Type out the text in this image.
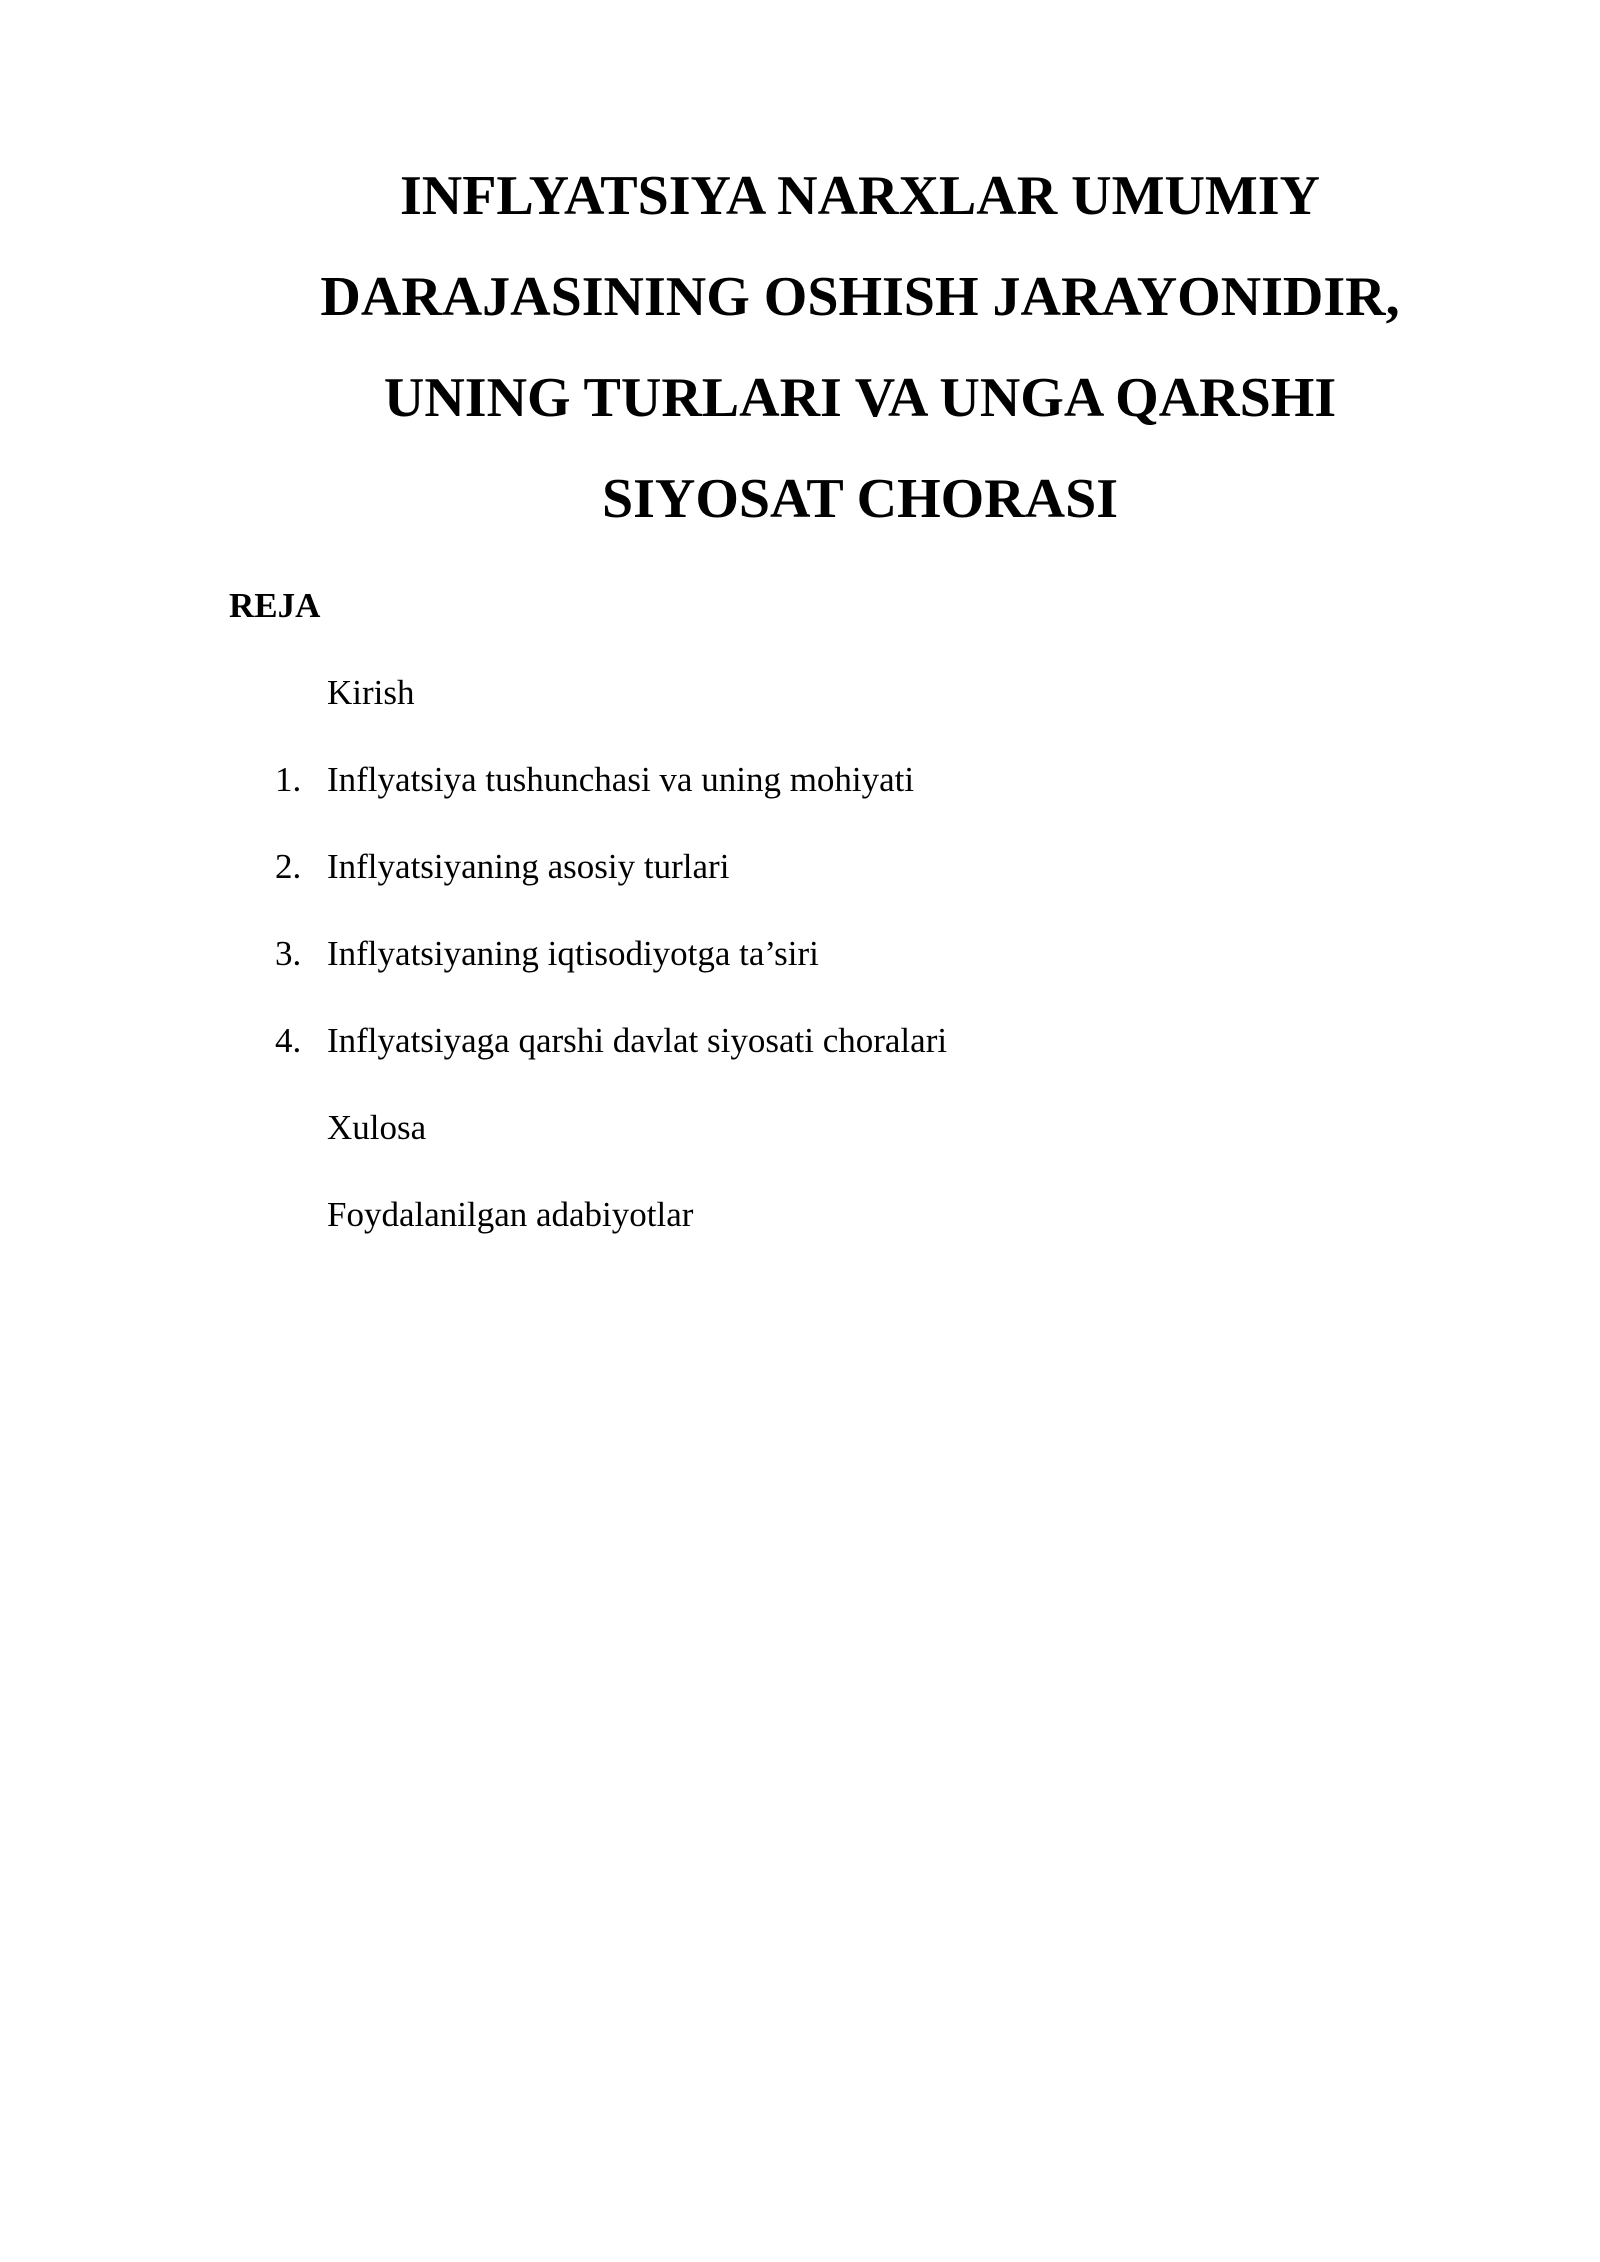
INFLYATSIYA NARXLAR UMUMIY
DARAJASINING OSHISH JARAYONIDIR,
UNING TURLARI VA UNGA QARSHI
SIYOSAT CHORASI
REJA
Kirish
1. Inflyatsiya tushunchasi va uning mohiyati
2. Inflyatsiyaning asosiy turlari
3. Inflyatsiyaning iqtisodiyotga ta’siri
4. Inflyatsiyaga qarshi davlat siyosati choralari
Xulosa
Foydalanilgan adabiyotlar
